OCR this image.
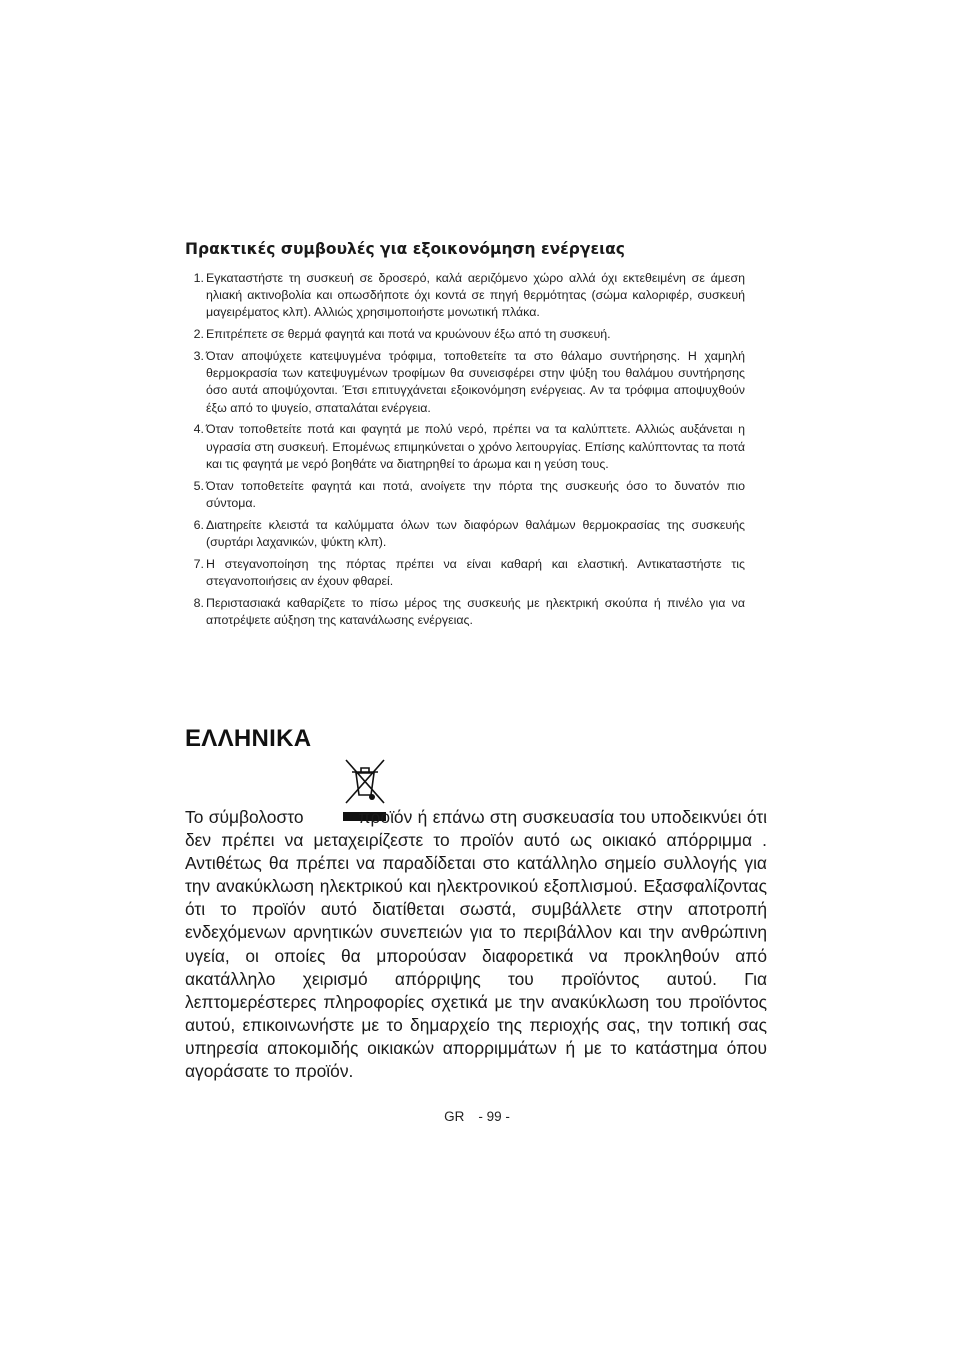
Πρακτικές συμβουλές για εξοικονόμηση ενέργειας
1. Εγκαταστήστε τη συσκευή σε δροσερό, καλά αεριζόμενο χώρο αλλά όχι εκτεθειμένη σε άμεση ηλιακή ακτινοβολία και οπωσδήποτε όχι κοντά σε πηγή θερμότητας (σώμα καλοριφέρ, συσκευή μαγειρέματος κλπ). Αλλιώς χρησιμοποιήστε μονωτική πλάκα.
2. Επιτρέπετε σε θερμά φαγητά και ποτά να κρυώνουν έξω από τη συσκευή.
3. Όταν αποψύχετε κατεψυγμένα τρόφιμα, τοποθετείτε τα στο θάλαμο συντήρησης. Η χαμηλή θερμοκρασία των κατεψυγμένων τροφίμων θα συνεισφέρει στην ψύξη του θαλάμου συντήρησης όσο αυτά αποψύχονται. Έτσι επιτυγχάνεται εξοικονόμηση ενέργειας. Αν τα τρόφιμα αποψυχθούν έξω από το ψυγείο, σπαταλάται ενέργεια.
4. Όταν τοποθετείτε ποτά και φαγητά με πολύ νερό, πρέπει να τα καλύπτετε. Αλλιώς αυξάνεται η υγρασία στη συσκευή. Επομένως επιμηκύνεται ο χρόνο λειτουργίας. Επίσης καλύπτοντας τα ποτά και τις φαγητά με νερό βοηθάτε να διατηρηθεί το άρωμα και η γεύση τους.
5. Όταν τοποθετείτε φαγητά και ποτά, ανοίγετε την πόρτα της συσκευής όσο το δυνατόν πιο σύντομα.
6. Διατηρείτε κλειστά τα καλύμματα όλων των διαφόρων θαλάμων θερμοκρασίας της συσκευής (συρτάρι λαχανικών, ψύκτη κλπ).
7. Η στεγανοποίηση της πόρτας πρέπει να είναι καθαρή και ελαστική. Αντικαταστήστε τις στεγανοποιήσεις αν έχουν φθαρεί.
8. Περιστασιακά καθαρίζετε το πίσω μέρος της συσκευής με ηλεκτρική σκούπα ή πινέλο για να αποτρέψετε αύξηση της κατανάλωσης ενέργειας.
ΕΛΛΗΝΙΚΑ

Το σύμβολοστο	προϊόν ή επάνω στη συσκευασία του υποδεικνύει ότι δεν πρέπει να μεταχειρίζεστε το προϊόν αυτό ως οικιακό απόρριμμα . Αντιθέτως θα πρέπει να παραδίδεται στο κατάλληλο σημείο συλλογής για την ανακύκλωση ηλεκτρικού και ηλεκτρονικού εξοπλισμού. Εξασφαλίζοντας ότι το προϊόν αυτό διατίθεται σωστά, συμβάλλετε στην αποτροπή ενδεχόμενων αρνητικών συνεπειών για το περιβάλλον και την ανθρώπινη υγεία, οι οποίες θα μπορούσαν διαφορετικά να προκληθούν από ακατάλληλο χειρισμό απόρριψης του προϊόντος αυτού. Για λεπτομερέστερες πληροφορίες σχετικά με την ανακύκλωση του προϊόντος αυτού, επικοινωνήστε με το δημαρχείο της περιοχής σας, την τοπική σας υπηρεσία αποκομιδής οικιακών απορριμμάτων ή με το κατάστημα όπου αγοράσατε το προϊόν.

GR - 99 -
